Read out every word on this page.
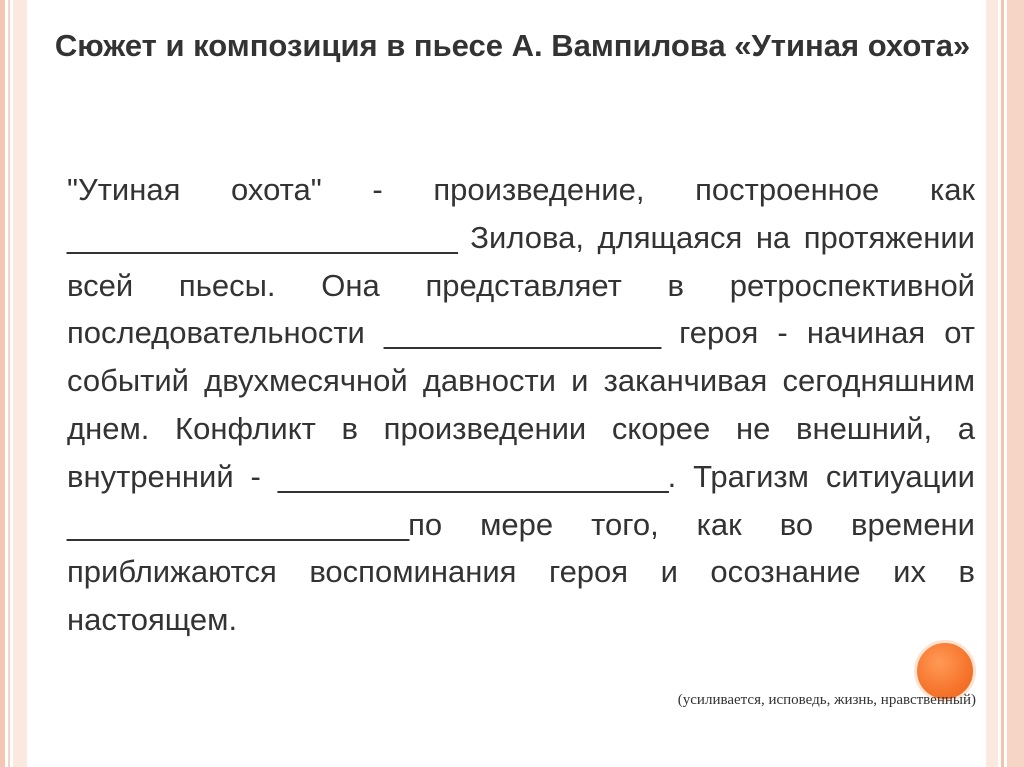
Сюжет и композиция в пьесе А. Вампилова «Утиная охота»

"Утиная охота" - произведение, построенное как ________________________ Зилова, длящаяся на протяжении всей пьесы. Она представляет в ретроспективной последовательности _________________ героя - начиная от событий двухмесячной давности и заканчивая сегодняшним днем. Конфликт в произведении скорее не внешний, а внутренний - ________________________. Трагизм ситиуации _____________________по мере того, как во времени приближаются воспоминания героя и осознание их в настоящем.

(усиливается, исповедь, жизнь, нравственный)
